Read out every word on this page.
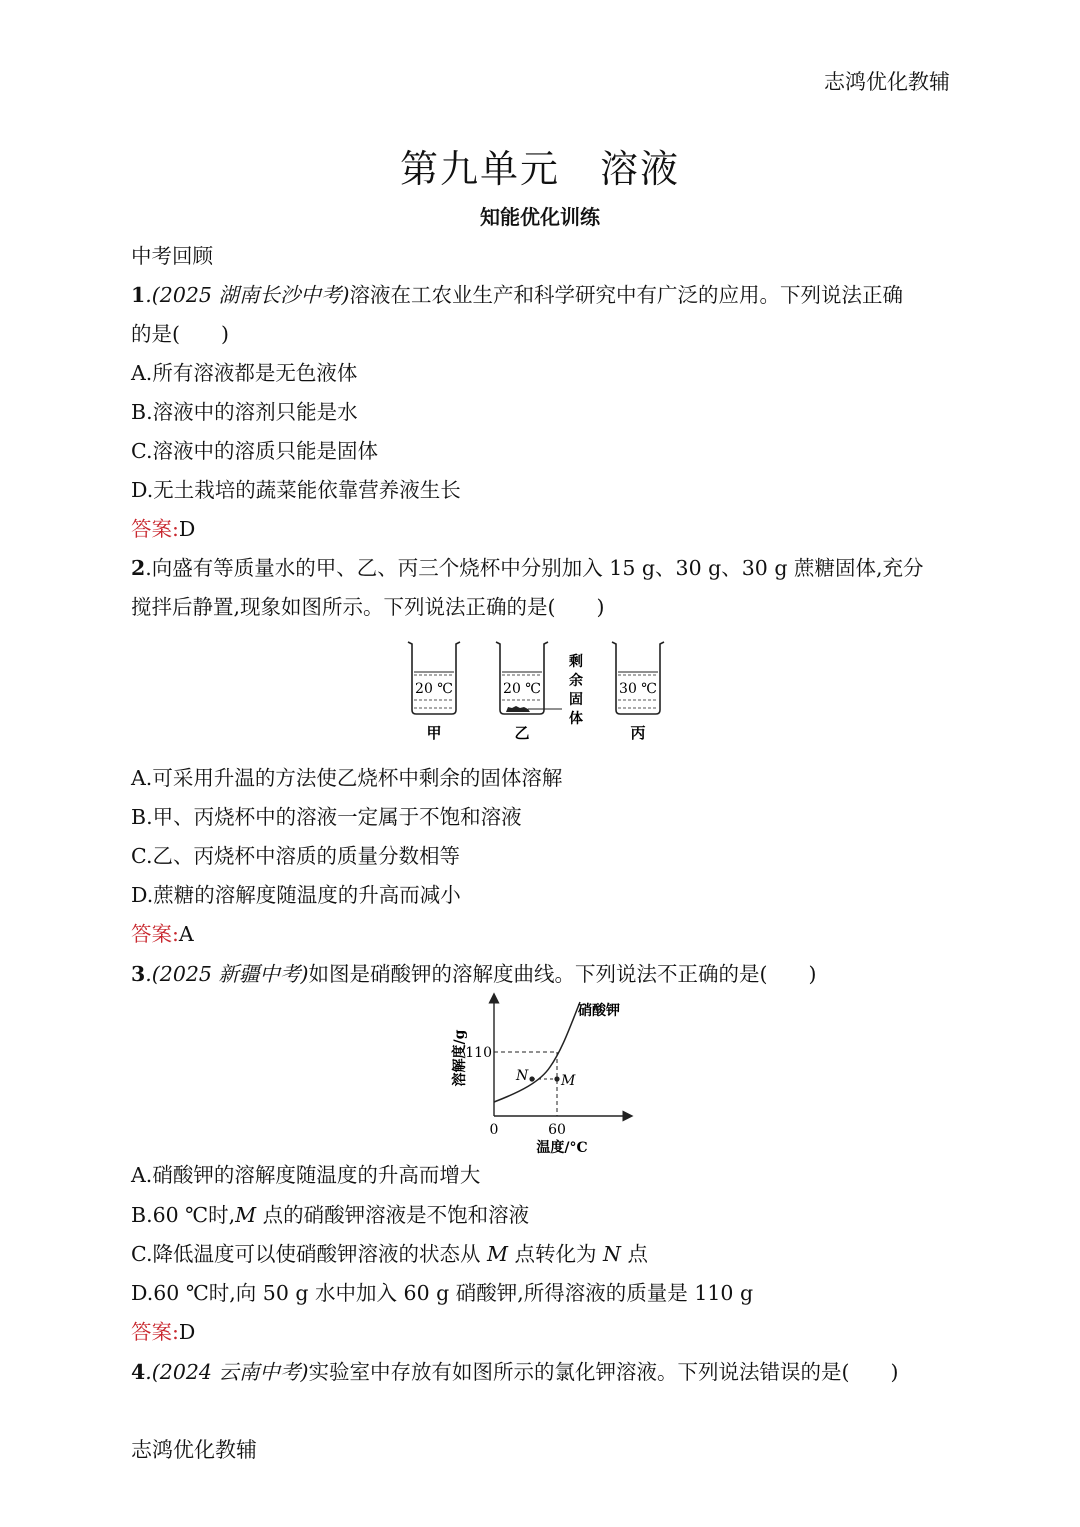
志鸿优化教辅
第九单元　溶液
知能优化训练
中考回顾
1.(2025 湖南长沙中考)溶液在工农业生产和科学研究中有广泛的应用。下列说法正确
的是(　　)
A.所有溶液都是无色液体
B.溶液中的溶剂只能是水
C.溶液中的溶质只能是固体
D.无土栽培的蔬菜能依靠营养液生长
答案:D
2.向盛有等质量水的甲、乙、丙三个烧杯中分别加入 15 g、30 g、30 g 蔗糖固体,充分
搅拌后静置,现象如图所示。下列说法正确的是(　　)
20 ℃
甲
20 ℃
乙
剩
余
固
体
30 ℃
丙
A.可采用升温的方法使乙烧杯中剩余的固体溶解
B.甲、丙烧杯中的溶液一定属于不饱和溶液
C.乙、丙烧杯中溶质的质量分数相等
D.蔗糖的溶解度随温度的升高而减小
答案:A
3.(2025 新疆中考)如图是硝酸钾的溶解度曲线。下列说法不正确的是(　　)
N M
110
60
0
硝酸钾
温度/°C
溶解度/g
A.硝酸钾的溶解度随温度的升高而增大
B.60 ℃时,M 点的硝酸钾溶液是不饱和溶液
C.降低温度可以使硝酸钾溶液的状态从 M 点转化为 N 点
D.60 ℃时,向 50 g 水中加入 60 g 硝酸钾,所得溶液的质量是 110 g
答案:D
4.(2024 云南中考)实验室中存放有如图所示的氯化钾溶液。下列说法错误的是(　　)
志鸿优化教辅
